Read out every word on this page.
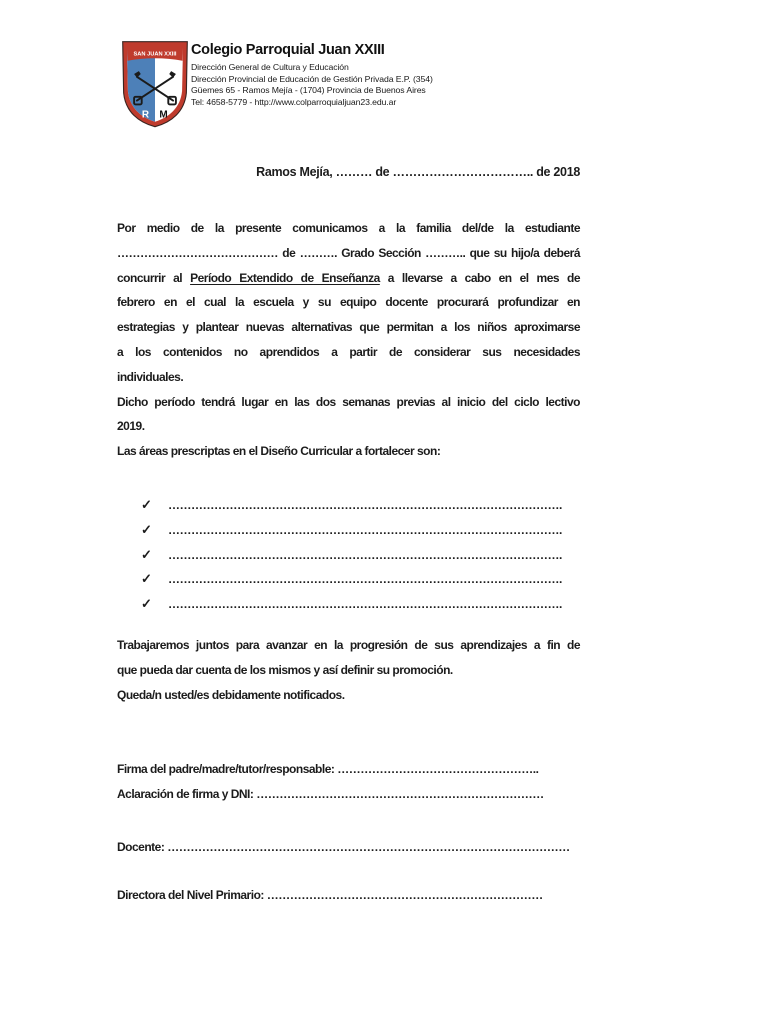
SAN JUAN XXIII
R M
Colegio Parroquial Juan XXIII
Dirección General de Cultura y Educación
Dirección Provincial de Educación de Gestión Privada E.P. (354)
Güemes 65 - Ramos Mejía - (1704) Provincia de Buenos Aires
Tel: 4658-5779 - http://www.colparroquialjuan23.edu.ar
Ramos Mejía, ……… de …………………………….. de 2018
Por medio de la presente comunicamos a la familia del/de la estudiante
…………………………………… de ………. Grado Sección ……….. que su hijo/a deberá
concurrir al Período Extendido de Enseñanza a llevarse a cabo en el mes de
febrero en el cual la escuela y su equipo docente procurará profundizar en
estrategias y plantear nuevas alternativas que permitan a los niños aproximarse
a los contenidos no aprendidos a partir de considerar sus necesidades
individuales.
Dicho período tendrá lugar en las dos semanas previas al inicio del ciclo lectivo
2019.
Las áreas prescriptas en el Diseño Curricular a fortalecer son:
✓ ………………………………………………………………………………………….
✓ ………………………………………………………………………………………….
✓ ………………………………………………………………………………………….
✓ ………………………………………………………………………………………….
✓ ………………………………………………………………………………………….
Trabajaremos juntos para avanzar en la progresión de sus aprendizajes a fin de
que pueda dar cuenta de los mismos y así definir su promoción.
Queda/n usted/es debidamente notificados.
Firma del padre/madre/tutor/responsable: ……………………………………………..
Aclaración de firma y DNI: …………………………………………………………………
Docente: ……………………………………………………………………………………………
Directora del Nivel Primario: ………………………………………………………………
